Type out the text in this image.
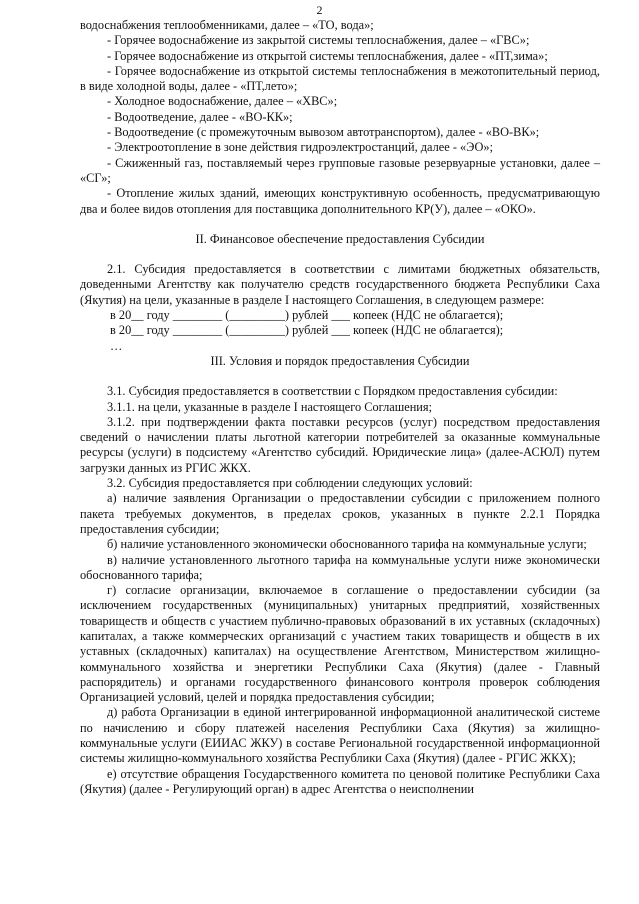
2

водоснабжения теплообменниками, далее – «ТО, вода»;

- Горячее водоснабжение из закрытой системы теплоснабжения, далее – «ГВС»;

- Горячее водоснабжение из открытой системы теплоснабжения, далее - «ПТ,зима»;

- Горячее водоснабжение из открытой системы теплоснабжения в межотопительный период, в виде холодной воды, далее - «ПТ,лето»;

- Холодное водоснабжение, далее – «ХВС»;

- Водоотведение, далее - «ВО-КК»;

- Водоотведение (с промежуточным вывозом автотранспортом), далее - «ВО-ВК»;

- Электроотопление в зоне действия гидроэлектростанций, далее - «ЭО»;

- Сжиженный газ, поставляемый через групповые газовые резервуарные установки, далее – «СГ»;

- Отопление жилых зданий, имеющих конструктивную особенность, предусматривающую два и более видов отопления для поставщика дополнительного КР(У), далее – «ОКО».

II. Финансовое обеспечение предоставления Субсидии

2.1. Субсидия предоставляется в соответствии с лимитами бюджетных обязательств, доведенными Агентству как получателю средств государственного бюджета Республики Саха (Якутия) на цели, указанные в разделе I настоящего Соглашения, в следующем размере:

в 20__ году ________ (_________) рублей ___ копеек (НДС не облагается);

в 20__ году ________ (_________) рублей ___ копеек (НДС не облагается);

…

III. Условия и порядок предоставления Субсидии

3.1. Субсидия предоставляется в соответствии с Порядком предоставления субсидии:

3.1.1. на цели, указанные в разделе I настоящего Соглашения;

3.1.2. при подтверждении факта поставки ресурсов (услуг) посредством предоставления сведений о начислении платы льготной категории потребителей за оказанные коммунальные ресурсы (услуги) в подсистему «Агентство субсидий. Юридические лица» (далее-АСЮЛ) путем загрузки данных из РГИС ЖКХ.

3.2. Субсидия предоставляется при соблюдении следующих условий:

а) наличие заявления Организации о предоставлении субсидии с приложением полного пакета требуемых документов, в пределах сроков, указанных в пункте 2.2.1 Порядка предоставления субсидии;

б) наличие установленного экономически обоснованного тарифа на коммунальные услуги;

в) наличие установленного льготного тарифа на коммунальные услуги ниже экономически обоснованного тарифа;

г) согласие организации, включаемое в соглашение о предоставлении субсидии (за исключением государственных (муниципальных) унитарных предприятий, хозяйственных товариществ и обществ с участием публично-правовых образований в их уставных (складочных) капиталах, а также коммерческих организаций с участием таких товариществ и обществ в их уставных (складочных) капиталах) на осуществление Агентством, Министерством жилищно-коммунального хозяйства и энергетики Республики Саха (Якутия) (далее - Главный распорядитель) и органами государственного финансового контроля проверок соблюдения Организацией условий, целей и порядка предоставления субсидии;

д) работа Организации в единой интегрированной информационной аналитической системе по начислению и сбору платежей населения Республики Саха (Якутия) за жилищно-коммунальные услуги (ЕИИАС ЖКУ) в составе Региональной государственной информационной системы жилищно-коммунального хозяйства Республики Саха (Якутия) (далее - РГИС ЖКХ);

е) отсутствие обращения Государственного комитета по ценовой политике Республики Саха (Якутия) (далее - Регулирующий орган) в адрес Агентства о неисполнении
